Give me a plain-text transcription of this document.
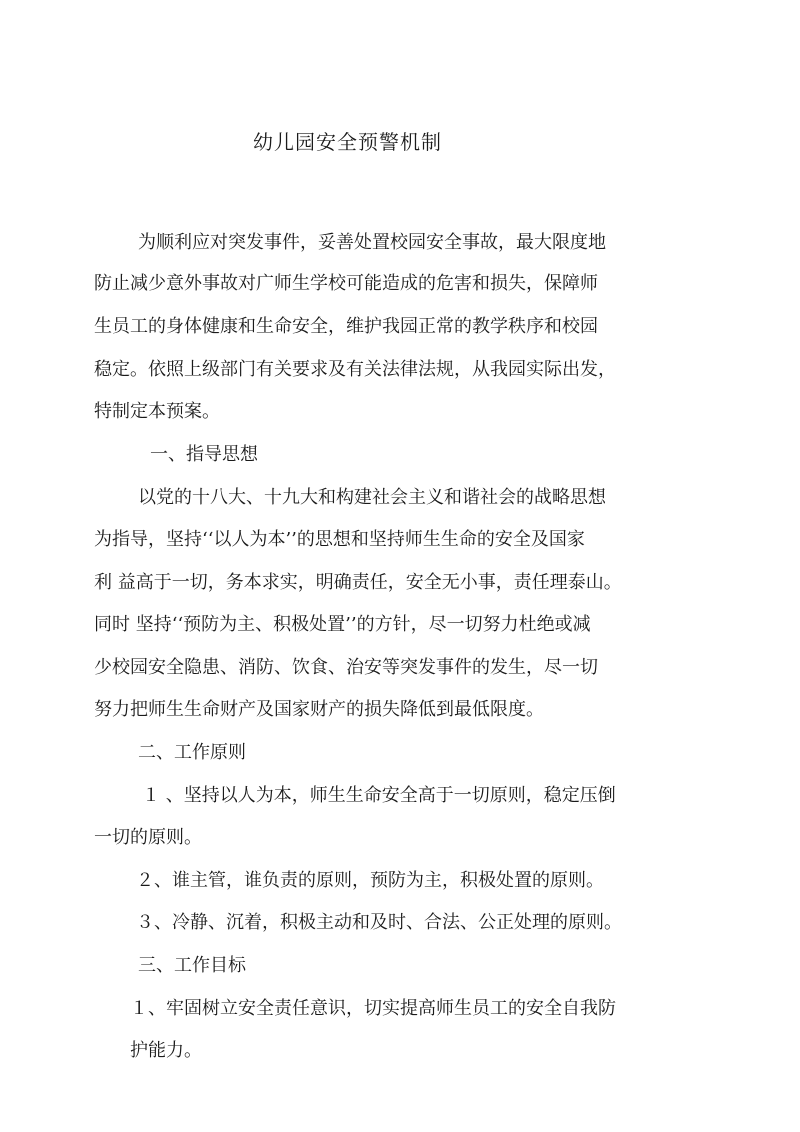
幼儿园安全预警机制
为顺利应对突发事件，妥善处置校园安全事故，最大限度地
防止减少意外事故对广师生学校可能造成的危害和损失，保障师
生员工的身体健康和生命安全，维护我园正常的教学秩序和校园
稳定。依照上级部门有关要求及有关法律法规，从我园实际出发，
特制定本预案。
一、指导思想
以党的十八大、十九大和构建社会主义和谐社会的战略思想
为指导，坚持‘‘以人为本’’的思想和坚持师生生命的安全及国家
利 益高于一切，务本求实，明确责任，安全无小事，责任理泰山。
同时 坚持‘‘预防为主、积极处置’’的方针，尽一切努力杜绝或减
少校园安全隐患、消防、饮食、治安等突发事件的发生，尽一切
努力把师生生命财产及国家财产的损失降低到最低限度。
二、工作原则
１ 、坚持以人为本，师生生命安全高于一切原则，稳定压倒
一切的原则。
２、谁主管，谁负责的原则，预防为主，积极处置的原则。
３、冷静、沉着，积极主动和及时、合法、公正处理的原则。
三、工作目标
１、牢固树立安全责任意识，切实提高师生员工的安全自我防
护能力。
